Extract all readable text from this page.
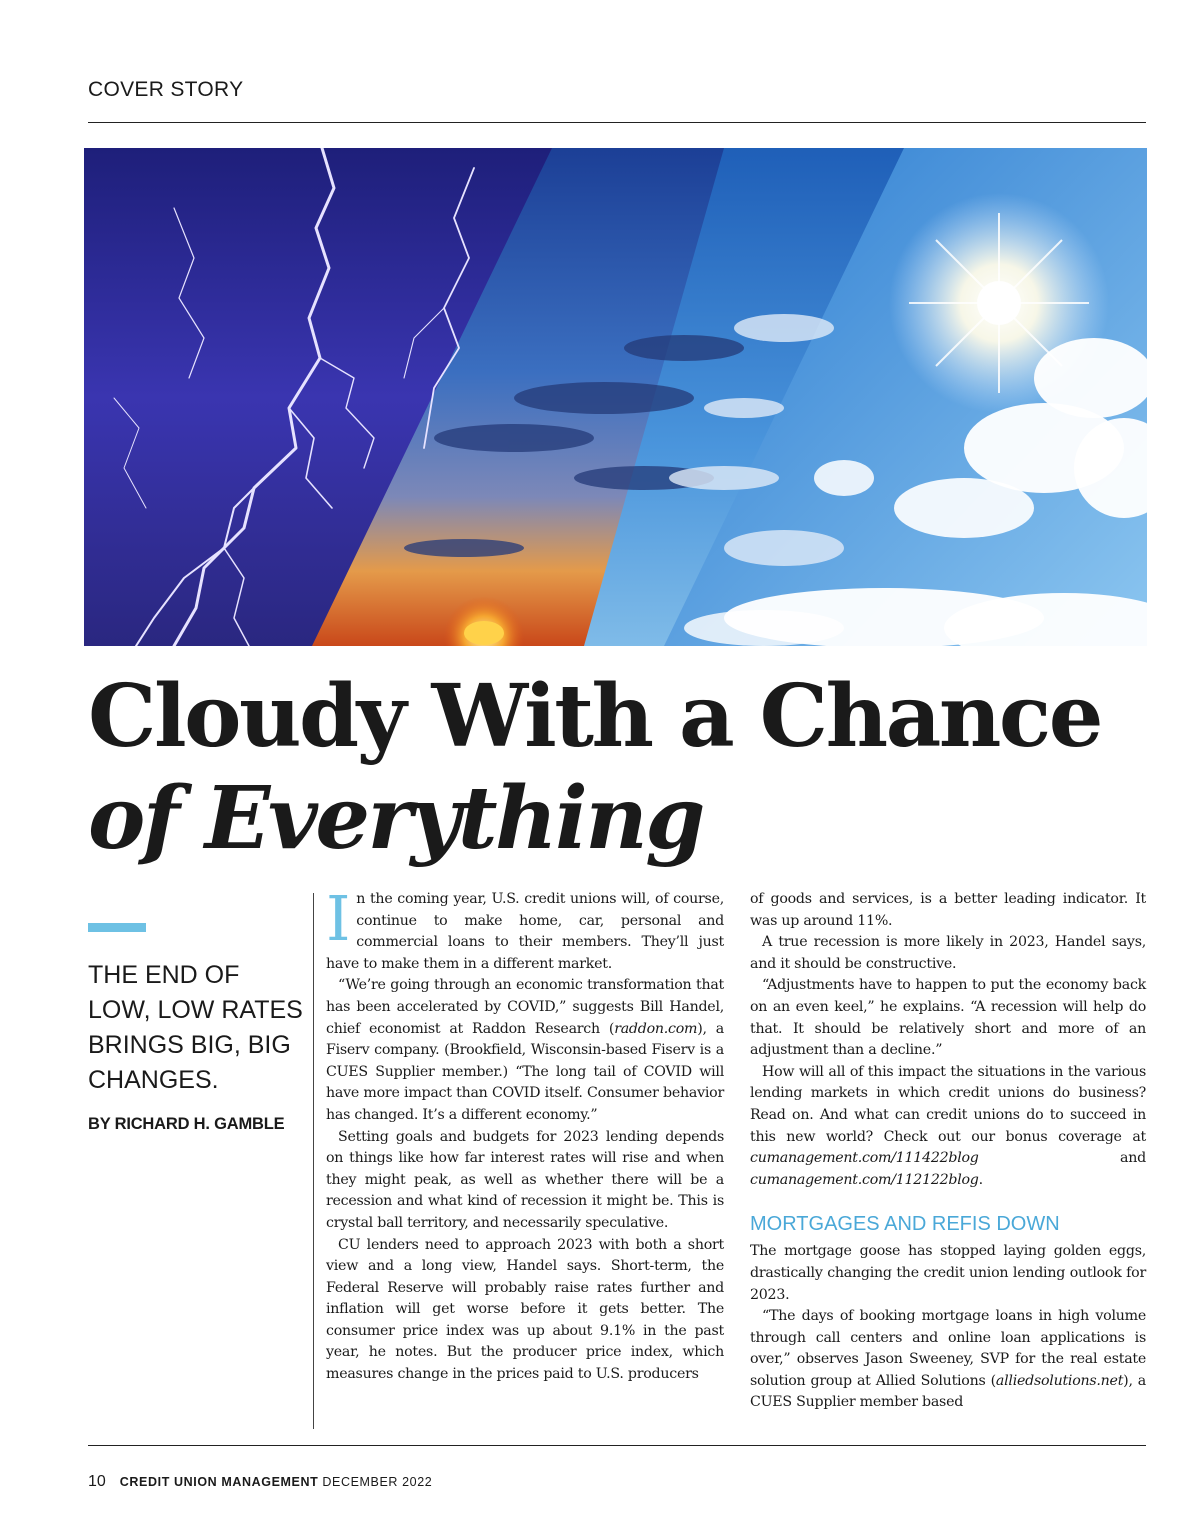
COVER STORY
Cloudy With a Chance
of Everything
THE END OF LOW, LOW RATES BRINGS BIG, BIG CHANGES.
BY RICHARD H. GAMBLE

In the coming year, U.S. credit unions will, of course, continue to make home, car, personal and commercial loans to their members. They’ll just have to make them in a different market.

“We’re going through an economic transformation that has been accelerated by COVID,” suggests Bill Handel, chief economist at Raddon Research (raddon.com), a Fiserv company. (Brookfield, Wisconsin-based Fiserv is a CUES Supplier member.) “The long tail of COVID will have more impact than COVID itself. Consumer behavior has changed. It’s a different economy.”

Setting goals and budgets for 2023 lending depends on things like how far interest rates will rise and when they might peak, as well as whether there will be a recession and what kind of recession it might be. This is crystal ball territory, and necessarily speculative.

CU lenders need to approach 2023 with both a short view and a long view, Handel says. Short-term, the Federal Reserve will probably raise rates further and inflation will get worse before it gets better. The consumer price index was up about 9.1% in the past year, he notes. But the producer price index, which measures change in the prices paid to U.S. producers

of goods and services, is a better leading indicator. It was up around 11%.

A true recession is more likely in 2023, Handel says, and it should be constructive.

“Adjustments have to happen to put the economy back on an even keel,” he explains. “A recession will help do that. It should be relatively short and more of an adjustment than a decline.”

How will all of this impact the situations in the various lending markets in which credit unions do business? Read on. And what can credit unions do to succeed in this new world? Check out our bonus coverage at cumanagement.com/111422blog and cumanagement.com/112122blog.

MORTGAGES AND REFIS DOWN

The mortgage goose has stopped laying golden eggs, drastically changing the credit union lending outlook for 2023.

“The days of booking mortgage loans in high volume through call centers and online loan applications is over,” observes Jason Sweeney, SVP for the real estate solution group at Allied Solutions (alliedsolutions.net), a CUES Supplier member based

10 CREDIT UNION MANAGEMENT DECEMBER 2022
